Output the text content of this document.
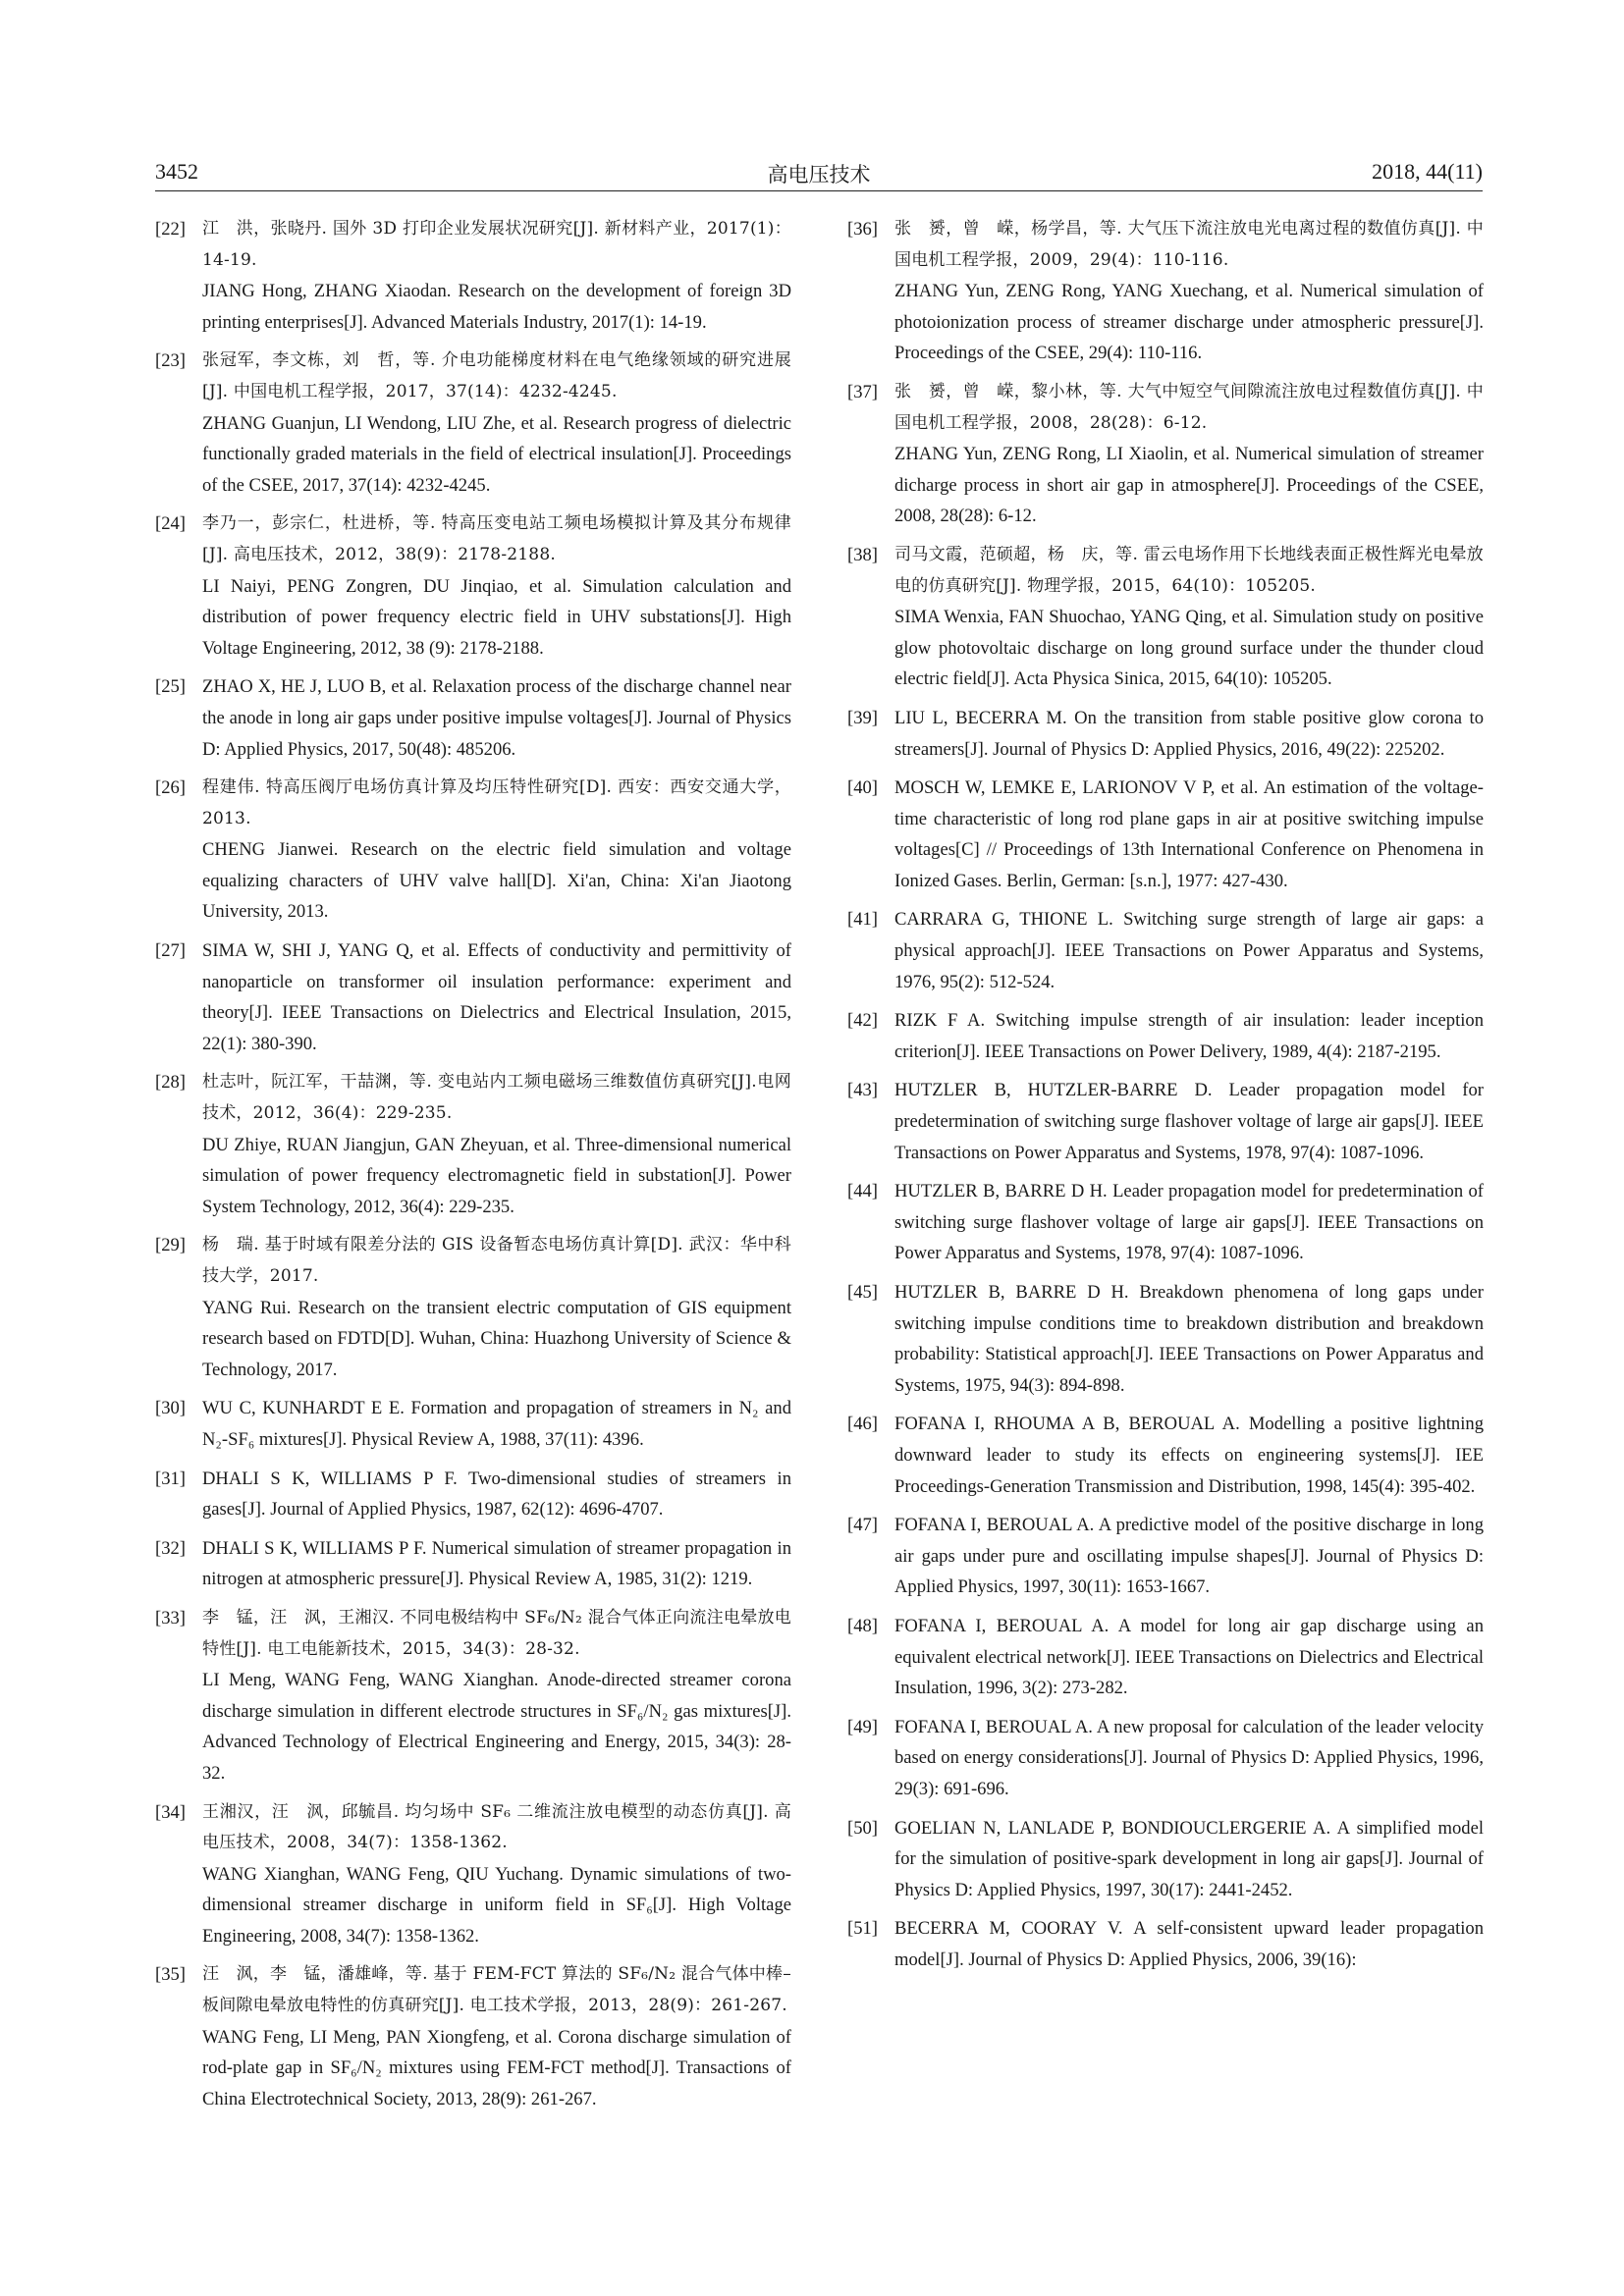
3452	高电压技术	2018, 44(11)
[22] 江　洪，张晓丹. 国外 3D 打印企业发展状况研究[J]. 新材料产业，2017(1)：14-19.
JIANG Hong, ZHANG Xiaodan. Research on the development of foreign 3D printing enterprises[J]. Advanced Materials Industry, 2017(1): 14-19.
[23] 张冠军，李文栋，刘　哲，等. 介电功能梯度材料在电气绝缘领域的研究进展[J]. 中国电机工程学报，2017，37(14)：4232-4245.
ZHANG Guanjun, LI Wendong, LIU Zhe, et al. Research progress of dielectric functionally graded materials in the field of electrical insulation[J]. Proceedings of the CSEE, 2017, 37(14): 4232-4245.
[24] 李乃一，彭宗仁，杜进桥，等. 特高压变电站工频电场模拟计算及其分布规律[J]. 高电压技术，2012，38(9)：2178-2188.
LI Naiyi, PENG Zongren, DU Jinqiao, et al. Simulation calculation and distribution of power frequency electric field in UHV substations[J]. High Voltage Engineering, 2012, 38 (9): 2178-2188.
[25] ZHAO X, HE J, LUO B, et al. Relaxation process of the discharge channel near the anode in long air gaps under positive impulse voltages[J]. Journal of Physics D: Applied Physics, 2017, 50(48): 485206.
[26] 程建伟. 特高压阀厅电场仿真计算及均压特性研究[D]. 西安：西安交通大学，2013.
CHENG Jianwei. Research on the electric field simulation and voltage equalizing characters of UHV valve hall[D]. Xi'an, China: Xi'an Jiaotong University, 2013.
[27] SIMA W, SHI J, YANG Q, et al. Effects of conductivity and permittivity of nanoparticle on transformer oil insulation performance: experiment and theory[J]. IEEE Transactions on Dielectrics and Electrical Insulation, 2015, 22(1): 380-390.
[28] 杜志叶，阮江军，干喆渊，等. 变电站内工频电磁场三维数值仿真研究[J].电网技术，2012，36(4)：229-235.
DU Zhiye, RUAN Jiangjun, GAN Zheyuan, et al. Three-dimensional numerical simulation of power frequency electromagnetic field in substation[J]. Power System Technology, 2012, 36(4): 229-235.
[29] 杨　瑞. 基于时域有限差分法的 GIS 设备暂态电场仿真计算[D]. 武汉：华中科技大学，2017.
YANG Rui. Research on the transient electric computation of GIS equipment research based on FDTD[D]. Wuhan, China: Huazhong University of Science & Technology, 2017.
[30] WU C, KUNHARDT E E. Formation and propagation of streamers in N₂ and N₂-SF₆ mixtures[J]. Physical Review A, 1988, 37(11): 4396.
[31] DHALI S K, WILLIAMS P F. Two-dimensional studies of streamers in gases[J]. Journal of Applied Physics, 1987, 62(12): 4696-4707.
[32] DHALI S K, WILLIAMS P F. Numerical simulation of streamer propagation in nitrogen at atmospheric pressure[J]. Physical Review A, 1985, 31(2): 1219.
[33] 李　锰，汪　沨，王湘汉. 不同电极结构中 SF₆/N₂ 混合气体正向流注电晕放电特性[J]. 电工电能新技术，2015，34(3)：28-32.
LI Meng, WANG Feng, WANG Xianghan. Anode-directed streamer corona discharge simulation in different electrode structures in SF₆/N₂ gas mixtures[J]. Advanced Technology of Electrical Engineering and Energy, 2015, 34(3): 28-32.
[34] 王湘汉，汪　沨，邱毓昌. 均匀场中 SF₆ 二维流注放电模型的动态仿真[J]. 高电压技术，2008，34(7)：1358-1362.
WANG Xianghan, WANG Feng, QIU Yuchang. Dynamic simulations of two-dimensional streamer discharge in uniform field in SF₆[J]. High Voltage Engineering, 2008, 34(7): 1358-1362.
[35] 汪　沨，李　锰，潘雄峰，等. 基于 FEM-FCT 算法的 SF₆/N₂ 混合气体中棒–板间隙电晕放电特性的仿真研究[J]. 电工技术学报，2013，28(9)：261-267.
WANG Feng, LI Meng, PAN Xiongfeng, et al. Corona discharge simulation of rod-plate gap in SF₆/N₂ mixtures using FEM-FCT method[J]. Transactions of China Electrotechnical Society, 2013, 28(9): 261-267.
[36] 张　赟，曾　嵘，杨学昌，等. 大气压下流注放电光电离过程的数值仿真[J]. 中国电机工程学报，2009，29(4)：110-116.
ZHANG Yun, ZENG Rong, YANG Xuechang, et al. Numerical simulation of photoionization process of streamer discharge under atmospheric pressure[J]. Proceedings of the CSEE, 29(4): 110-116.
[37] 张　赟，曾　嵘，黎小林，等. 大气中短空气间隙流注放电过程数值仿真[J]. 中国电机工程学报，2008，28(28)：6-12.
ZHANG Yun, ZENG Rong, LI Xiaolin, et al. Numerical simulation of streamer dicharge process in short air gap in atmosphere[J]. Proceedings of the CSEE, 2008, 28(28): 6-12.
[38] 司马文霞，范硕超，杨　庆，等. 雷云电场作用下长地线表面正极性辉光电晕放电的仿真研究[J]. 物理学报，2015，64(10)：105205.
SIMA Wenxia, FAN Shuochao, YANG Qing, et al. Simulation study on positive glow photovoltaic discharge on long ground surface under the thunder cloud electric field[J]. Acta Physica Sinica, 2015, 64(10): 105205.
[39] LIU L, BECERRA M. On the transition from stable positive glow corona to streamers[J]. Journal of Physics D: Applied Physics, 2016, 49(22): 225202.
[40] MOSCH W, LEMKE E, LARIONOV V P, et al. An estimation of the voltage-time characteristic of long rod plane gaps in air at positive switching impulse voltages[C] // Proceedings of 13th International Conference on Phenomena in Ionized Gases. Berlin, German: [s.n.], 1977: 427-430.
[41] CARRARA G, THIONE L. Switching surge strength of large air gaps: a physical approach[J]. IEEE Transactions on Power Apparatus and Systems, 1976, 95(2): 512-524.
[42] RIZK F A. Switching impulse strength of air insulation: leader inception criterion[J]. IEEE Transactions on Power Delivery, 1989, 4(4): 2187-2195.
[43] HUTZLER B, HUTZLER-BARRE D. Leader propagation model for predetermination of switching surge flashover voltage of large air gaps[J]. IEEE Transactions on Power Apparatus and Systems, 1978, 97(4): 1087-1096.
[44] HUTZLER B, BARRE D H. Leader propagation model for predetermination of switching surge flashover voltage of large air gaps[J]. IEEE Transactions on Power Apparatus and Systems, 1978, 97(4): 1087-1096.
[45] HUTZLER B, BARRE D H. Breakdown phenomena of long gaps under switching impulse conditions time to breakdown distribution and breakdown probability: Statistical approach[J]. IEEE Transactions on Power Apparatus and Systems, 1975, 94(3): 894-898.
[46] FOFANA I, RHOUMA A B, BEROUAL A. Modelling a positive lightning downward leader to study its effects on engineering systems[J]. IEE Proceedings-Generation Transmission and Distribution, 1998, 145(4): 395-402.
[47] FOFANA I, BEROUAL A. A predictive model of the positive discharge in long air gaps under pure and oscillating impulse shapes[J]. Journal of Physics D: Applied Physics, 1997, 30(11): 1653-1667.
[48] FOFANA I, BEROUAL A. A model for long air gap discharge using an equivalent electrical network[J]. IEEE Transactions on Dielectrics and Electrical Insulation, 1996, 3(2): 273-282.
[49] FOFANA I, BEROUAL A. A new proposal for calculation of the leader velocity based on energy considerations[J]. Journal of Physics D: Applied Physics, 1996, 29(3): 691-696.
[50] GOELIAN N, LANLADE P, BONDIOUCLERGERIE A. A simplified model for the simulation of positive-spark development in long air gaps[J]. Journal of Physics D: Applied Physics, 1997, 30(17): 2441-2452.
[51] BECERRA M, COORAY V. A self-consistent upward leader propagation model[J]. Journal of Physics D: Applied Physics, 2006, 39(16):
